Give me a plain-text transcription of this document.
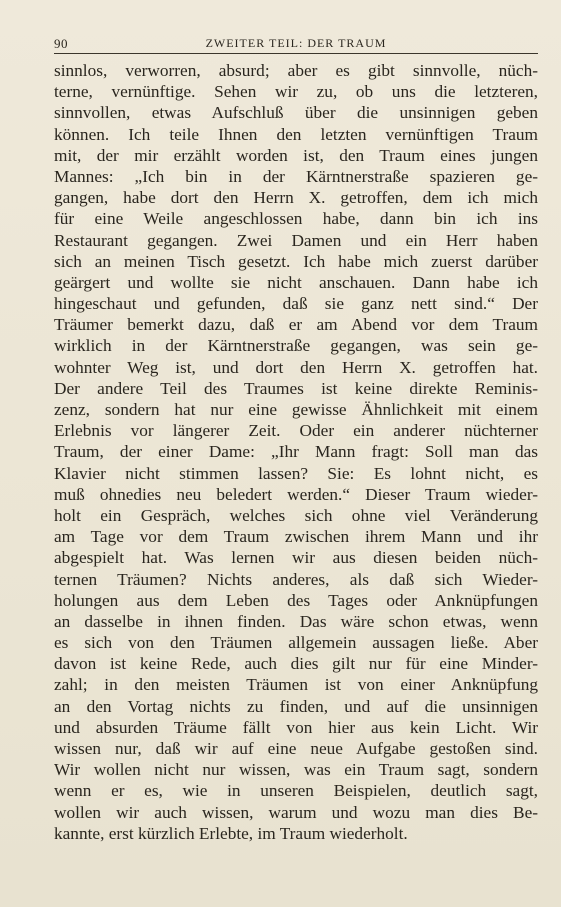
90	ZWEITER TEIL: DER TRAUM
sinnlos, verworren, absurd; aber es gibt sinnvolle, nüch-
terne, vernünftige. Sehen wir zu, ob uns die letzteren,
sinnvollen, etwas Aufschluß über die unsinnigen geben
können. Ich teile Ihnen den letzten vernünftigen Traum
mit, der mir erzählt worden ist, den Traum eines jungen
Mannes: „Ich bin in der Kärntnerstraße spazieren ge-
gangen, habe dort den Herrn X. getroffen, dem ich mich
für eine Weile angeschlossen habe, dann bin ich ins
Restaurant gegangen. Zwei Damen und ein Herr haben
sich an meinen Tisch gesetzt. Ich habe mich zuerst darüber
geärgert und wollte sie nicht anschauen. Dann habe ich
hingeschaut und gefunden, daß sie ganz nett sind.“ Der
Träumer bemerkt dazu, daß er am Abend vor dem Traum
wirklich in der Kärntnerstraße gegangen, was sein ge-
wohnter Weg ist, und dort den Herrn X. getroffen hat.
Der andere Teil des Traumes ist keine direkte Reminis-
zenz, sondern hat nur eine gewisse Ähnlichkeit mit einem
Erlebnis vor längerer Zeit. Oder ein anderer nüchterner
Traum, der einer Dame: „Ihr Mann fragt: Soll man das
Klavier nicht stimmen lassen? Sie: Es lohnt nicht, es
muß ohnedies neu beledert werden.“ Dieser Traum wieder-
holt ein Gespräch, welches sich ohne viel Veränderung
am Tage vor dem Traum zwischen ihrem Mann und ihr
abgespielt hat. Was lernen wir aus diesen beiden nüch-
ternen Träumen? Nichts anderes, als daß sich Wieder-
holungen aus dem Leben des Tages oder Anknüpfungen
an dasselbe in ihnen finden. Das wäre schon etwas, wenn
es sich von den Träumen allgemein aussagen ließe. Aber
davon ist keine Rede, auch dies gilt nur für eine Minder-
zahl; in den meisten Träumen ist von einer Anknüpfung
an den Vortag nichts zu finden, und auf die unsinnigen
und absurden Träume fällt von hier aus kein Licht. Wir
wissen nur, daß wir auf eine neue Aufgabe gestoßen sind.
Wir wollen nicht nur wissen, was ein Traum sagt, sondern
wenn er es, wie in unseren Beispielen, deutlich sagt,
wollen wir auch wissen, warum und wozu man dies Be-
kannte, erst kürzlich Erlebte, im Traum wiederholt.
